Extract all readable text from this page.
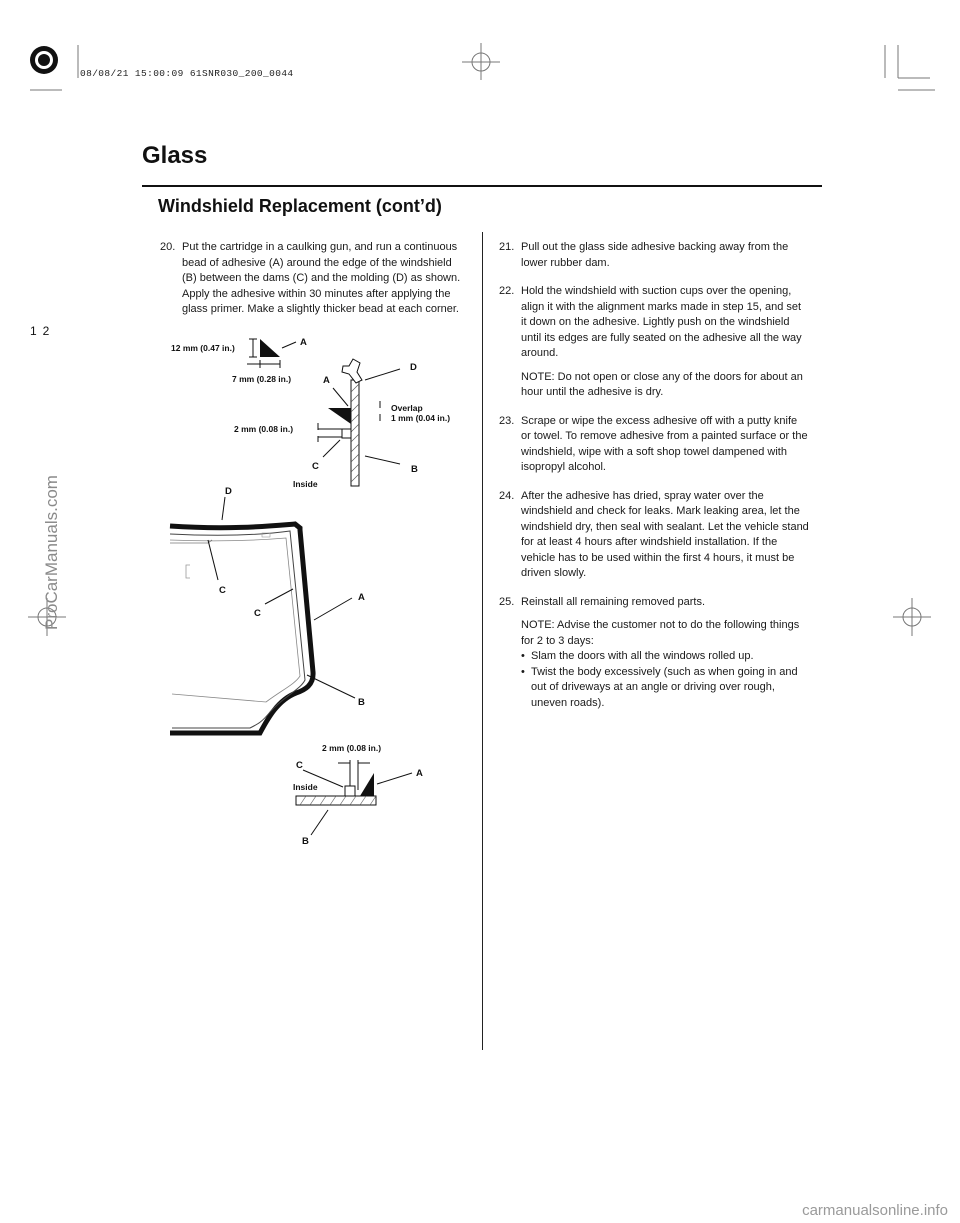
08/08/21 15:00:09 61SNR030_200_0044
Glass
Windshield Replacement (cont’d)
12
20. Put the cartridge in a caulking gun, and run a continuous bead of adhesive (A) around the edge of the windshield (B) between the dams (C) and the molding (D) as shown. Apply the adhesive within 30 minutes after applying the glass primer. Make a slightly thicker bead at each corner.
21. Pull out the glass side adhesive backing away from the lower rubber dam.
22. Hold the windshield with suction cups over the opening, align it with the alignment marks made in step 15, and set it down on the adhesive. Lightly push on the windshield until its edges are fully seated on the adhesive all the way around.

NOTE: Do not open or close any of the doors for about an hour until the adhesive is dry.

23. Scrape or wipe the excess adhesive off with a putty knife or towel. To remove adhesive from a painted surface or the windshield, wipe with a soft shop towel dampened with isopropyl alcohol.
24. After the adhesive has dried, spray water over the windshield and check for leaks. Mark leaking area, let the windshield dry, then seal with sealant. Let the vehicle stand for at least 4 hours after windshield installation. If the vehicle has to be used within the first 4 hours, it must be driven slowly.
25. Reinstall all remaining removed parts.

NOTE: Advise the customer not to do the following things for 2 to 3 days:

• Slam the doors with all the windows rolled up.
• Twist the body excessively (such as when going in and out of driveways at an angle or driving over rough, uneven roads).
12 mm (0.47 in.)	A
7 mm (0.28 in.)
D
A
Overlap
1 mm (0.04 in.)
2 mm (0.08 in.)
C	B
Inside
D
C
C
A
B
2 mm (0.08 in.)
C
A
Inside
B
ProCarManuals.com
carmanualsonline.info
